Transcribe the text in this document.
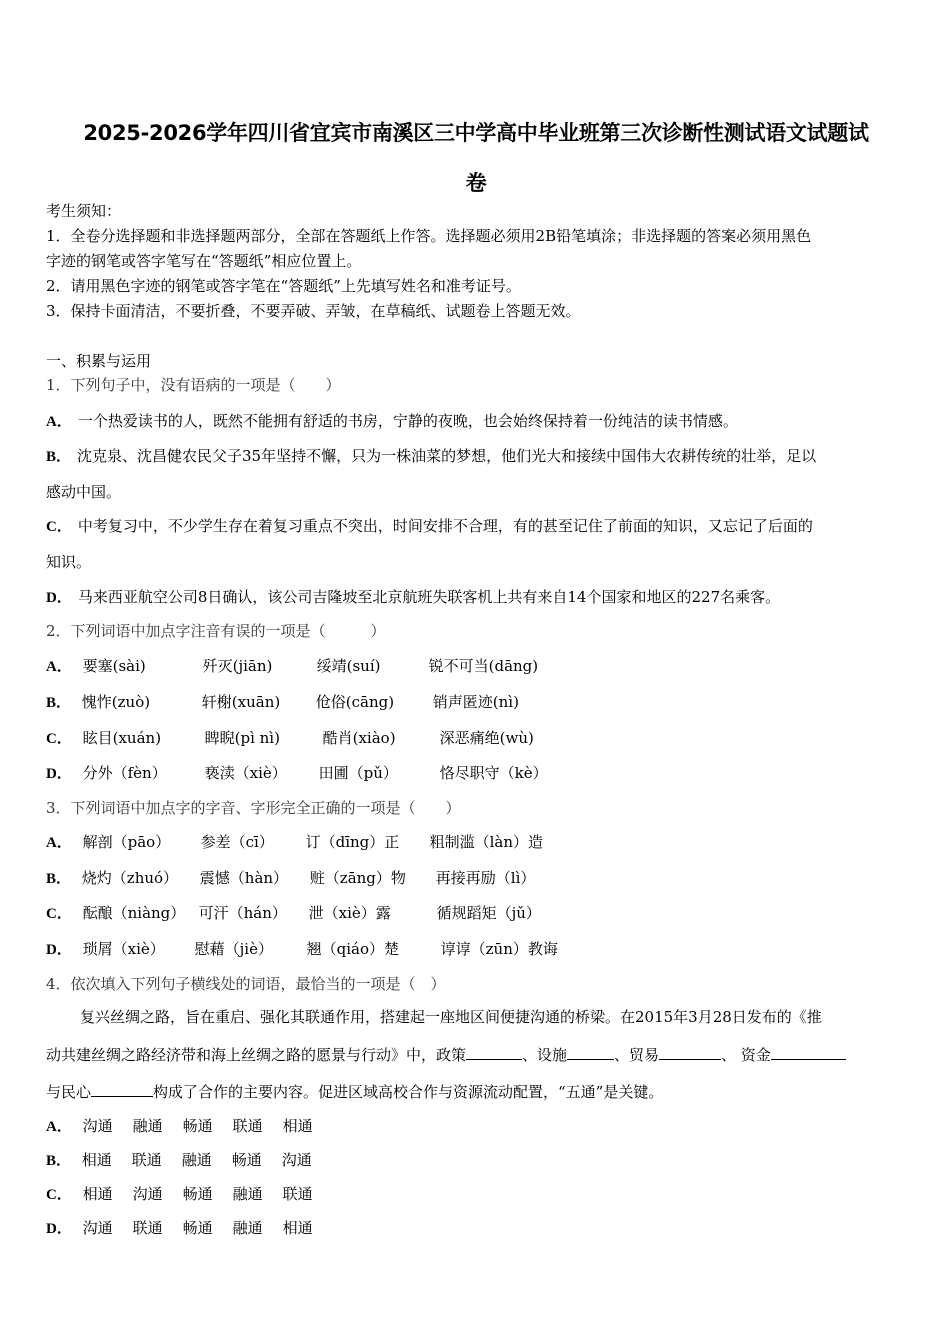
2025-2026学年四川省宜宾市南溪区三中学高中毕业班第三次诊断性测试语文试题试
卷
考生须知：
1．全卷分选择题和非选择题两部分，全部在答题纸上作答。选择题必须用2B铅笔填涂；非选择题的答案必须用黑色
字迹的钢笔或答字笔写在“答题纸”相应位置上。
2．请用黑色字迹的钢笔或答字笔在“答题纸”上先填写姓名和准考证号。
3．保持卡面清洁，不要折叠，不要弄破、弄皱，在草稿纸、试题卷上答题无效。
一、积累与运用
1．下列句子中，没有语病的一项是（　　）
A． 一个热爱读书的人，既然不能拥有舒适的书房，宁静的夜晚，也会始终保持着一份纯洁的读书情感。
B． 沈克泉、沈昌健农民父子35年坚持不懈，只为一株油菜的梦想，他们光大和接续中国伟大农耕传统的壮举，足以
感动中国。
C． 中考复习中，不少学生存在着复习重点不突出，时间安排不合理，有的甚至记住了前面的知识，又忘记了后面的
知识。
D． 马来西亚航空公司8日确认，该公司吉隆坡至北京航班失联客机上共有来自14个国家和地区的227名乘客。
2．下列词语中加点字注音有误的一项是（　　　）
A． 要塞(sài)	歼灭(jiān)	绥靖(suí)	锐不可当(dāng)
B． 愧怍(zuò)	轩榭(xuān) 伧俗(cāng)	销声匿迹(nì)
C． 眩目(xuán)	睥睨(pì nì)	酷肖(xiào)	深恶痛绝(wù)
D． 分外（fèn）	亵渎（xiè） 田圃（pǔ）	恪尽职守（kè）
3．下列词语中加点字的字音、字形完全正确的一项是（　　）
A． 解剖（pāo） 参差（cī） 订（dīng）正 粗制滥（làn）造
B． 烧灼（zhuó） 震憾（hàn） 赃（zāng）物 再接再励（lì）
C． 酝酿（niàng） 可汗（hán） 泄（xiè）露	循规蹈矩（jǔ）
D． 琐屑（xiè） 慰藉（jiè） 翘（qiáo）楚	谆谆（zūn）教诲
4．依次填入下列句子横线处的词语，最恰当的一项是（　）
复兴丝绸之路，旨在重启、强化其联通作用，搭建起一座地区间便捷沟通的桥梁。在2015年3月28日发布的《推
动共建丝绸之路经济带和海上丝绸之路的愿景与行动》中，政策	、设施	、贸易	、 资金
与民心	构成了合作的主要内容。促进区域高校合作与资源流动配置，“五通”是关键。
A． 沟通 融通 畅通 联通 相通
B． 相通 联通 融通 畅通 沟通
C． 相通 沟通 畅通 融通 联通
D． 沟通 联通 畅通 融通 相通
